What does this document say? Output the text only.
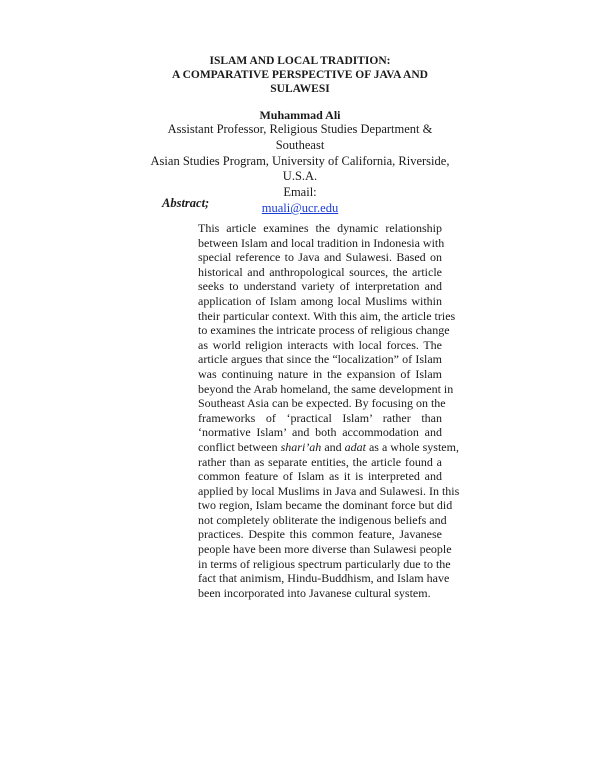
ISLAM AND LOCAL TRADITION:
A COMPARATIVE PERSPECTIVE OF JAVA AND
SULAWESI
Muhammad Ali
Assistant Professor, Religious Studies Department & Southeast
Asian Studies Program, University of California, Riverside,
U.S.A.
Email:
muali@ucr.edu
Abstract;
This article examines the dynamic relationship
between Islam and local tradition in Indonesia with
special reference to Java and Sulawesi. Based on
historical and anthropological sources, the article
seeks to understand variety of interpretation and
application of Islam among local Muslims within
their particular context. With this aim, the article tries
to examines the intricate process of religious change
as world religion interacts with local forces. The
article argues that since the “localization” of Islam
was continuing nature in the expansion of Islam
beyond the Arab homeland, the same development in
Southeast Asia can be expected. By focusing on the
frameworks of ‘practical Islam’ rather than
‘normative Islam’ and both accommodation and
conflict between shari’ah and adat as a whole system,
rather than as separate entities, the article found a
common feature of Islam as it is interpreted and
applied by local Muslims in Java and Sulawesi. In this
two region, Islam became the dominant force but did
not completely obliterate the indigenous beliefs and
practices. Despite this common feature, Javanese
people have been more diverse than Sulawesi people
in terms of religious spectrum particularly due to the
fact that animism, Hindu-Buddhism, and Islam have
been incorporated into Javanese cultural system.
